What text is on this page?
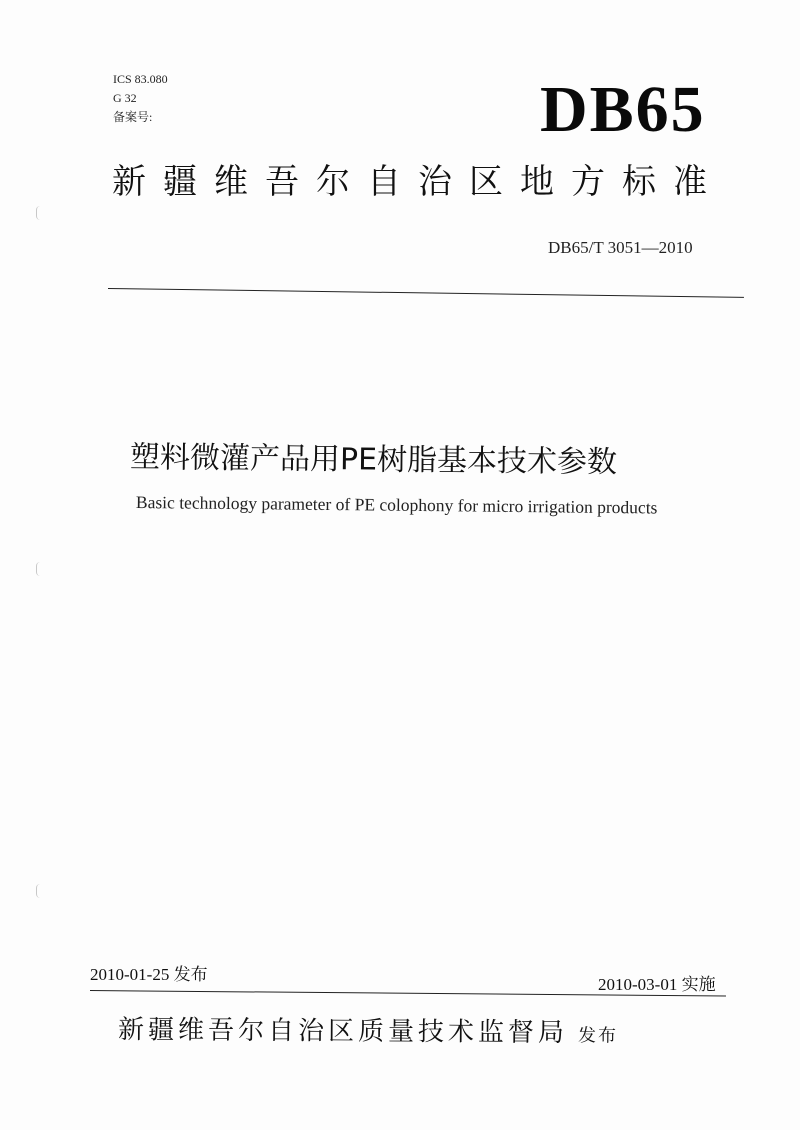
ICS 83.080
G 32
备案号:	DB65
新疆维吾尔自治区地方标准
DB65/T 3051—2010
塑料微灌产品用PE树脂基本技术参数
Basic technology parameter of PE colophony for micro irrigation products
2010-01-25 发布
2010-03-01 实施
新疆维吾尔自治区质量技术监督局 发布
